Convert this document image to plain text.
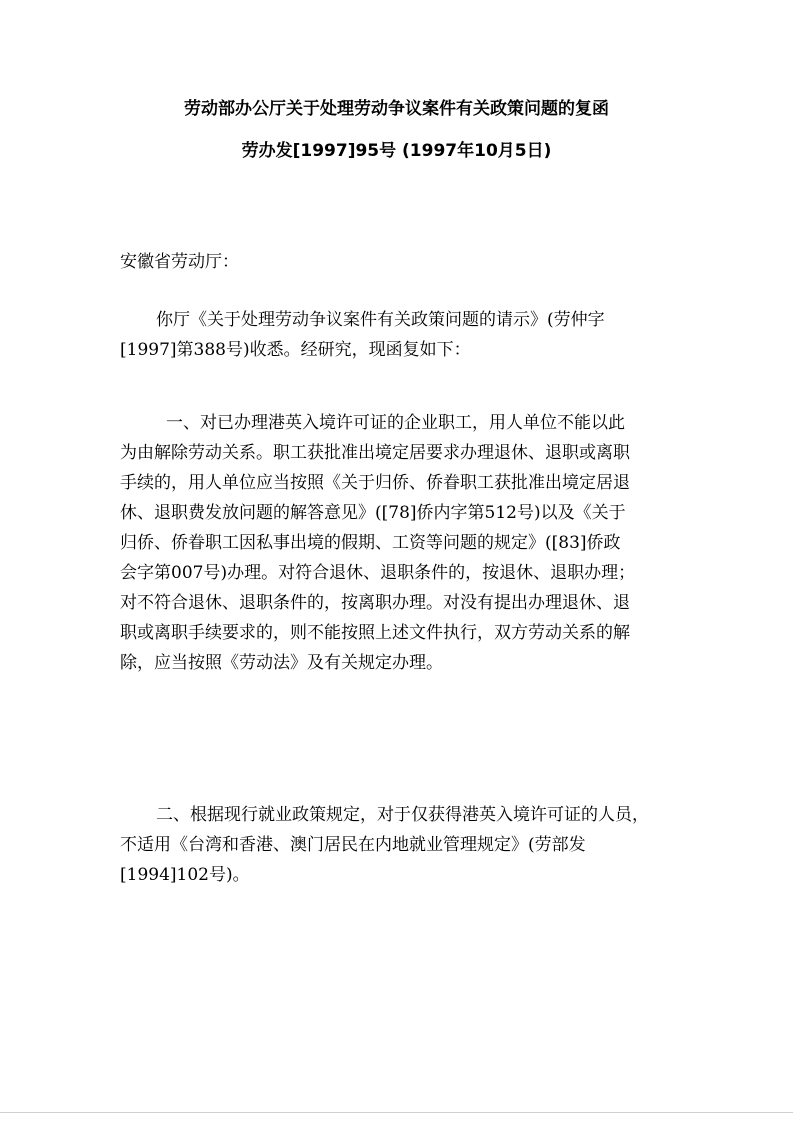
劳动部办公厅关于处理劳动争议案件有关政策问题的复函
劳办发[1997]95号 (1997年10月5日)
安徽省劳动厅：
你厅《关于处理劳动争议案件有关政策问题的请示》(劳仲字
[1997]第388号)收悉。经研究，现函复如下：
一、对已办理港英入境许可证的企业职工，用人单位不能以此
为由解除劳动关系。职工获批准出境定居要求办理退休、退职或离职
手续的，用人单位应当按照《关于归侨、侨眷职工获批准出境定居退
休、退职费发放问题的解答意见》([78]侨内字第512号)以及《关于
归侨、侨眷职工因私事出境的假期、工资等问题的规定》([83]侨政
会字第007号)办理。对符合退休、退职条件的，按退休、退职办理；
对不符合退休、退职条件的，按离职办理。对没有提出办理退休、退
职或离职手续要求的，则不能按照上述文件执行，双方劳动关系的解
除，应当按照《劳动法》及有关规定办理。
二、根据现行就业政策规定，对于仅获得港英入境许可证的人员，
不适用《台湾和香港、澳门居民在内地就业管理规定》(劳部发
[1994]102号)。
